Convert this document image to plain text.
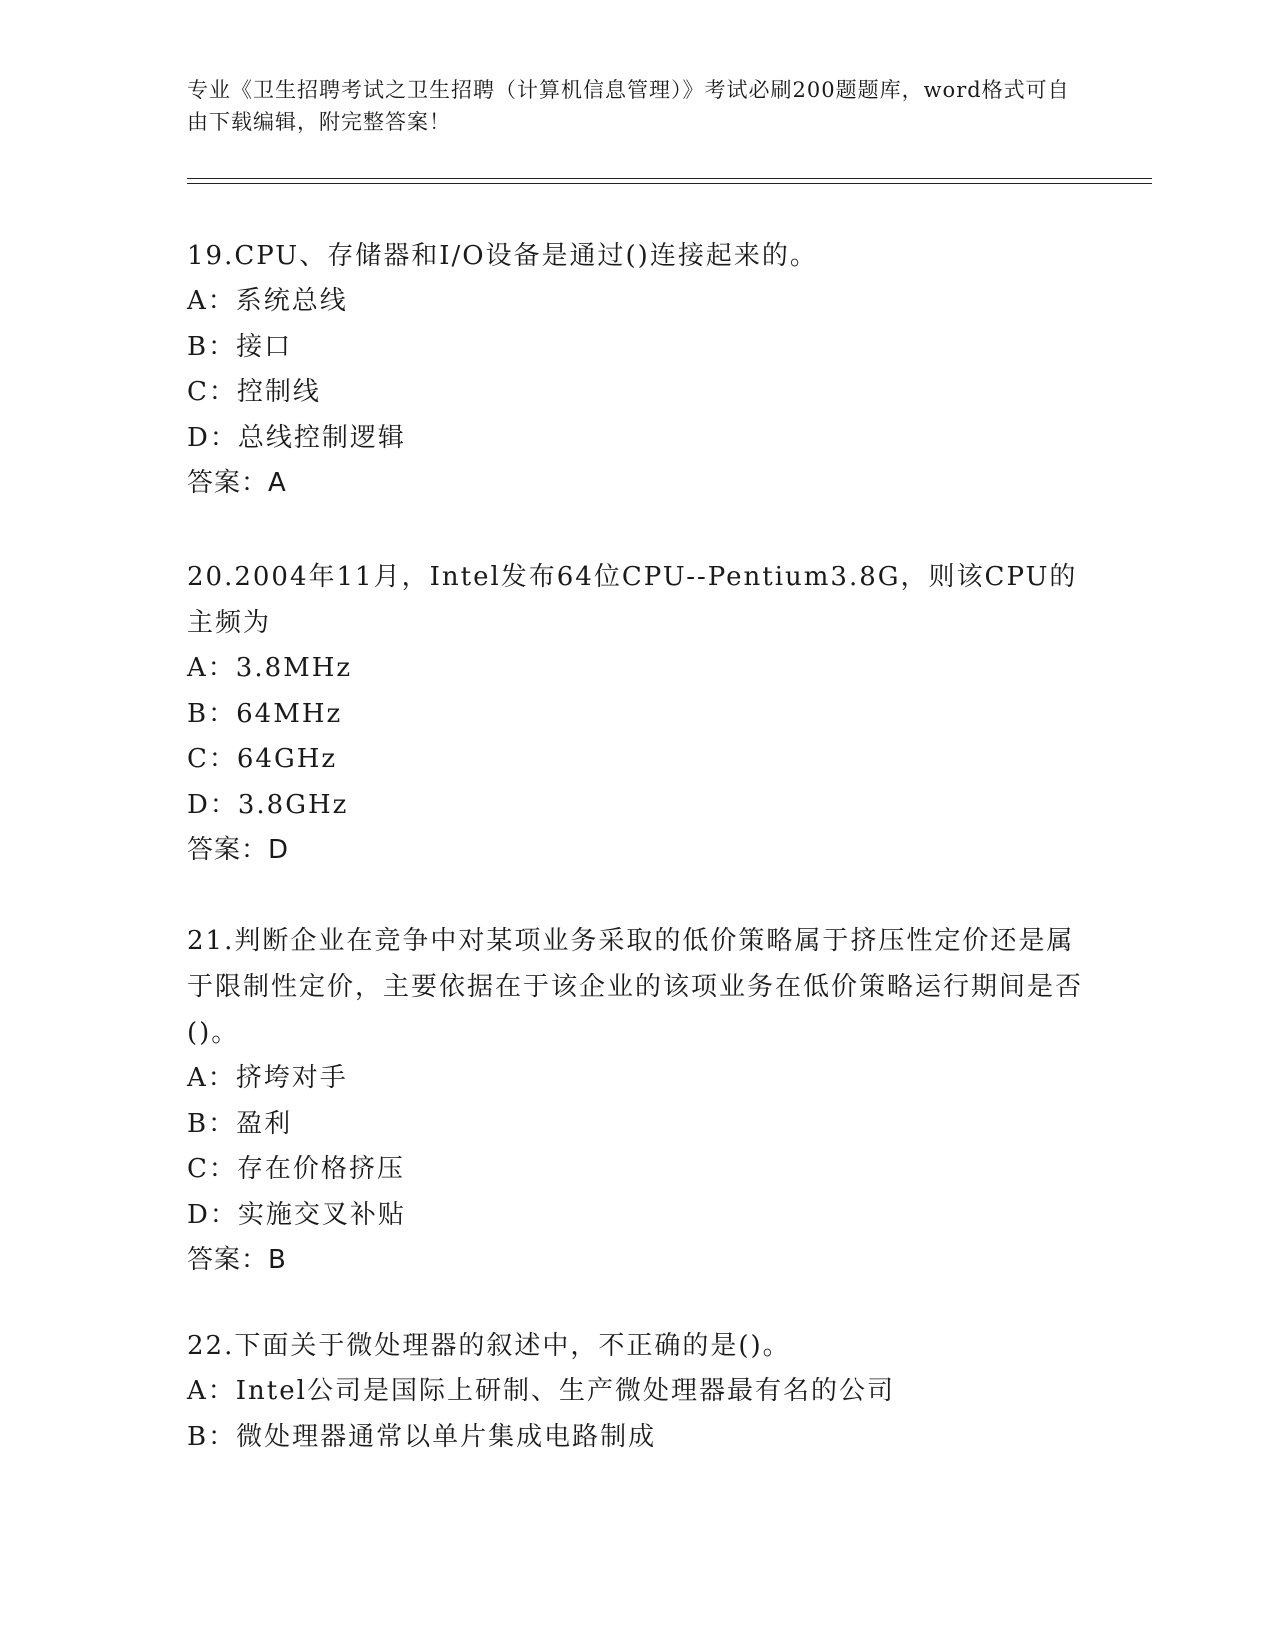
专业《卫生招聘考试之卫生招聘（计算机信息管理）》考试必刷200题题库，word格式可自由下载编辑，附完整答案！

19.CPU、存储器和I/O设备是通过()连接起来的。

A：系统总线

B：接口

C：控制线

D：总线控制逻辑

答案：A

20.2004年11月，Intel发布64位CPU--Pentium3.8G，则该CPU的主频为

A：3.8MHz

B：64MHz

C：64GHz

D：3.8GHz

答案：D

21.判断企业在竞争中对某项业务采取的低价策略属于挤压性定价还是属于限制性定价，主要依据在于该企业的该项业务在低价策略运行期间是否()。

A：挤垮对手

B：盈利

C：存在价格挤压

D：实施交叉补贴

答案：B

22.下面关于微处理器的叙述中，不正确的是()。

A：Intel公司是国际上研制、生产微处理器最有名的公司

B：微处理器通常以单片集成电路制成
